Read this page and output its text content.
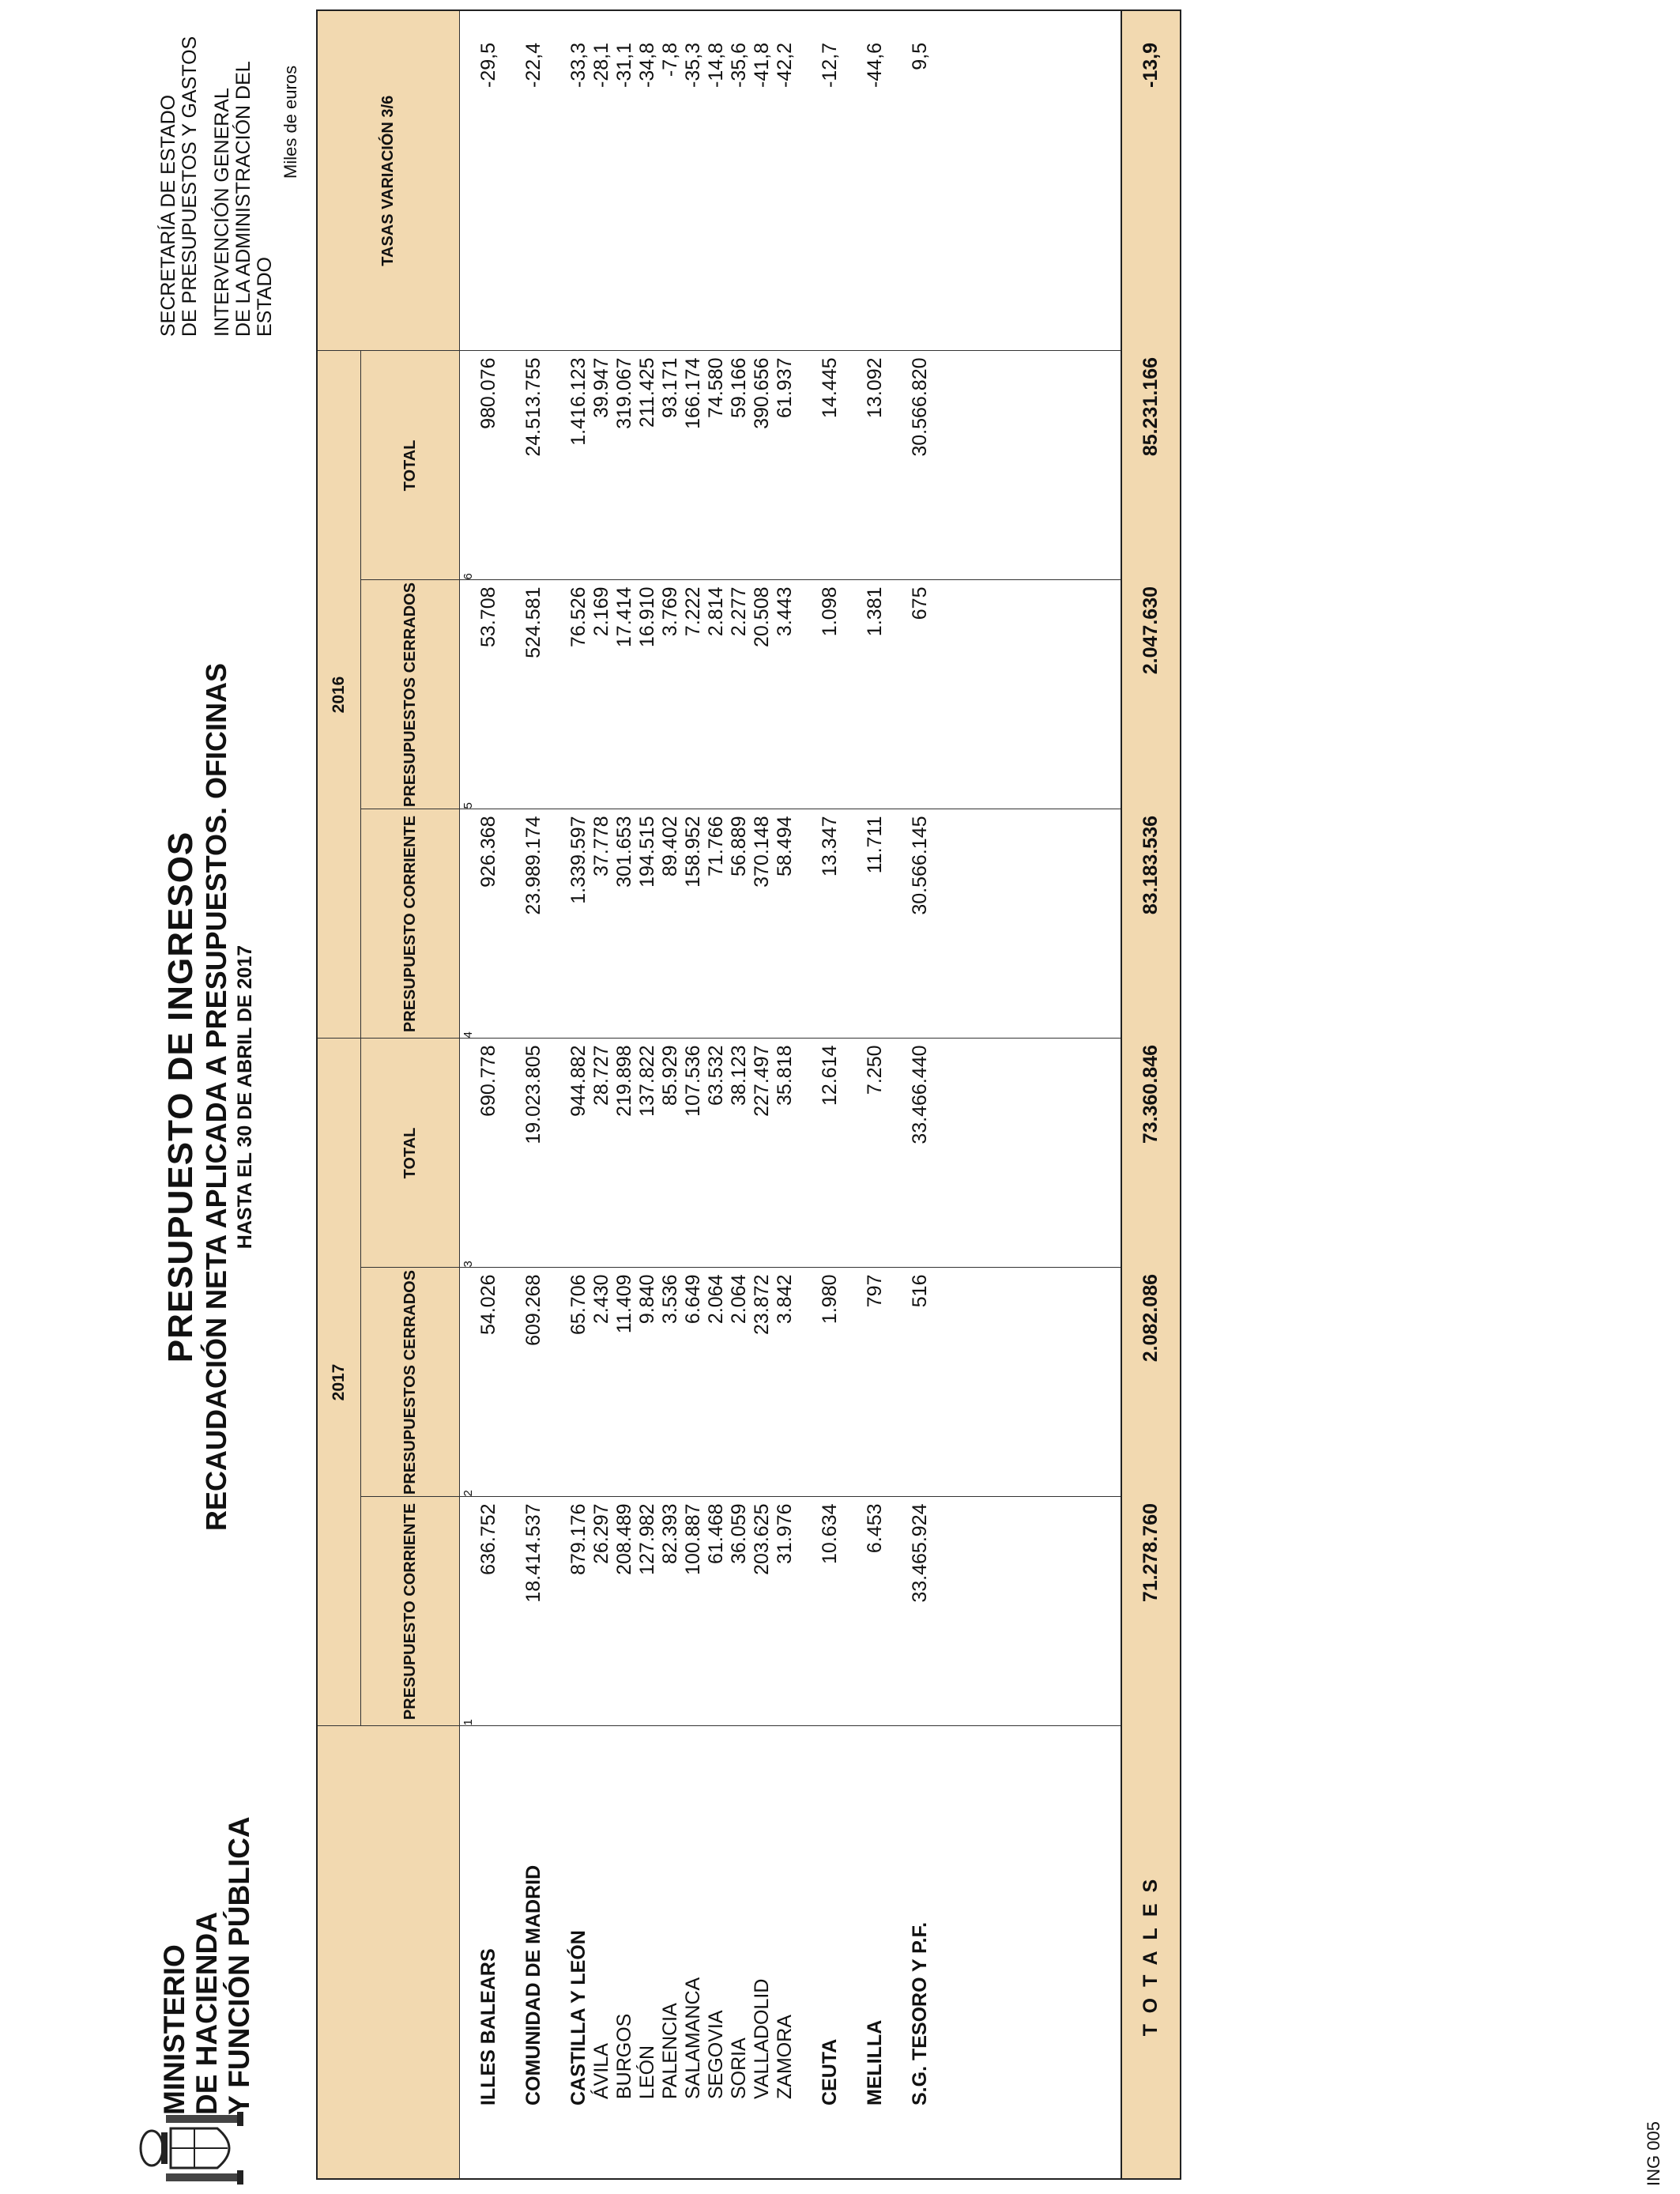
MINISTERIO DE HACIENDA Y FUNCIÓN PÚBLICA
PRESUPUESTO DE INGRESOS RECAUDACIÓN NETA APLICADA A PRESUPUESTOS. OFICINAS HASTA EL 30 DE ABRIL DE 2017
SECRETARÍA DE ESTADO DE PRESUPUESTOS Y GASTOS INTERVENCIÓN GENERAL DE LA ADMINISTRACIÓN DEL ESTADO
Miles de euros
	2017			2016			TASAS VARIACIÓN 3/6
	PRESUPUESTO CORRIENTE	PRESUPUESTOS CERRADOS	TOTAL	PRESUPUESTO CORRIENTE	PRESUPUESTOS CERRADOS	TOTAL	
	1	2	3	4	5	6	
ILLES BALEARS	636.752	54.026	690.778	926.368	53.708	980.076	-29,5

COMUNIDAD DE MADRID	18.414.537	609.268	19.023.805	23.989.174	524.581	24.513.755	-22,4

CASTILLA Y LEÓN	879.176	65.706	944.882	1.339.597	76.526	1.416.123	-33,3
ÁVILA	26.297	2.430	28.727	37.778	2.169	39.947	-28,1
BURGOS	208.489	11.409	219.898	301.653	17.414	319.067	-31,1
LEÓN	127.982	9.840	137.822	194.515	16.910	211.425	-34,8
PALENCIA	82.393	3.536	85.929	89.402	3.769	93.171	-7,8
SALAMANCA	100.887	6.649	107.536	158.952	7.222	166.174	-35,3
SEGOVIA	61.468	2.064	63.532	71.766	2.814	74.580	-14,8
SORIA	36.059	2.064	38.123	56.889	2.277	59.166	-35,6
VALLADOLID	203.625	23.872	227.497	370.148	20.508	390.656	-41,8
ZAMORA	31.976	3.842	35.818	58.494	3.443	61.937	-42,2

CEUTA	10.634	1.980	12.614	13.347	1.098	14.445	-12,7

MELILLA	6.453	797	7.250	11.711	1.381	13.092	-44,6

S.G. TESORO Y P.F.	33.465.924	516	33.466.440	30.566.145	675	30.566.820	9,5

TOTALES	71.278.760	2.082.086	73.360.846	83.183.536	2.047.630	85.231.166	-13,9
ING 005
